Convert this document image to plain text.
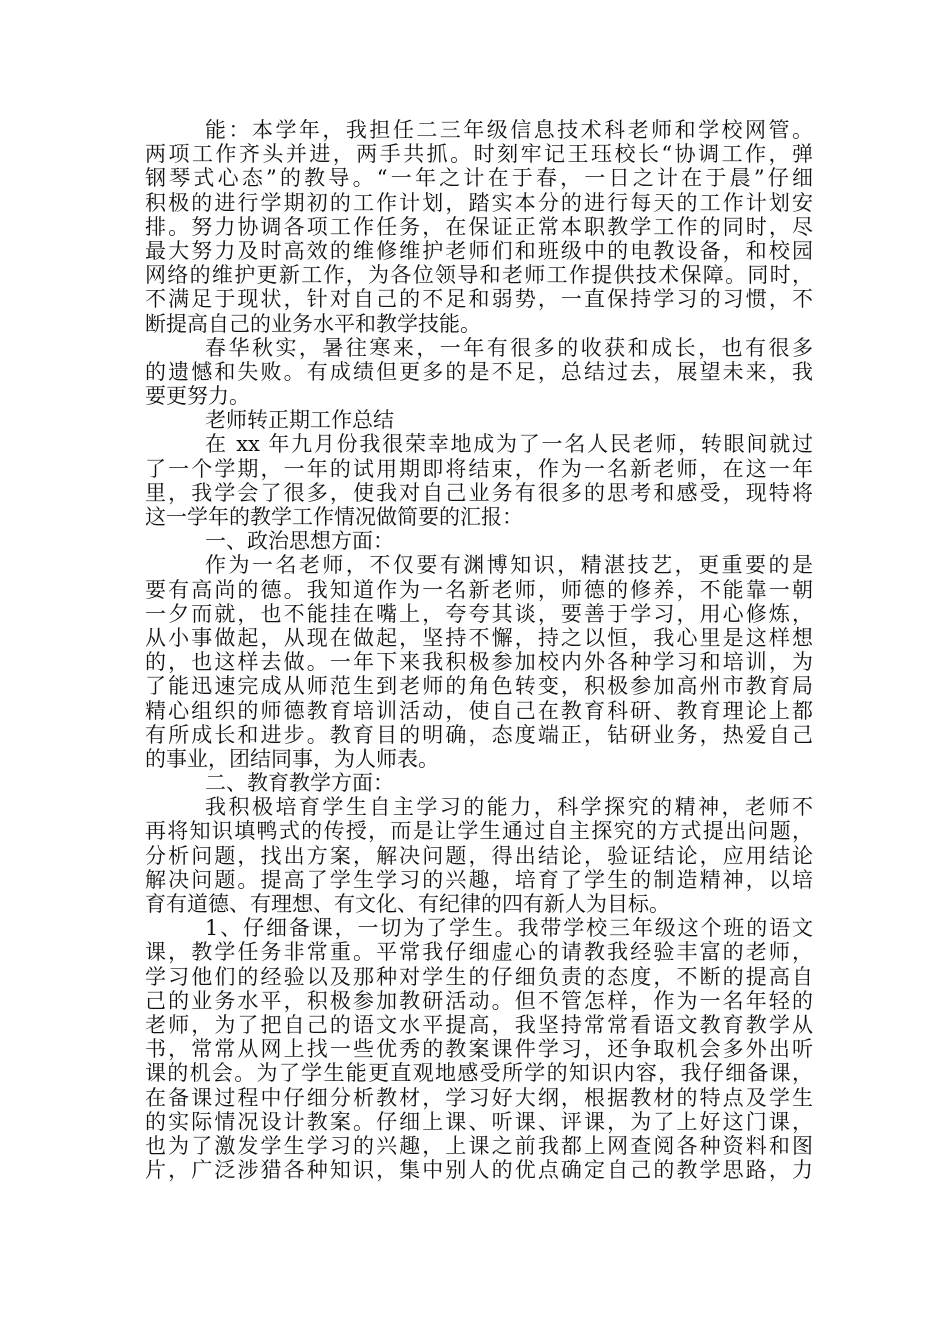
能：本学年，我担任二三年级信息技术科老师和学校网管。
两项工作齐头并进，两手共抓。时刻牢记王珏校长“协调工作，弹
钢琴式心态”的教导。“一年之计在于春，一日之计在于晨”仔细
积极的进行学期初的工作计划，踏实本分的进行每天的工作计划安
排。努力协调各项工作任务，在保证正常本职教学工作的同时，尽
最大努力及时高效的维修维护老师们和班级中的电教设备，和校园
网络的维护更新工作，为各位领导和老师工作提供技术保障。同时，
不满足于现状，针对自己的不足和弱势，一直保持学习的习惯，不
断提高自己的业务水平和教学技能。
春华秋实，暑往寒来，一年有很多的收获和成长，也有很多
的遗憾和失败。有成绩但更多的是不足，总结过去，展望未来，我
要更努力。
老师转正期工作总结
在 xx 年九月份我很荣幸地成为了一名人民老师，转眼间就过
了一个学期，一年的试用期即将结束，作为一名新老师，在这一年
里，我学会了很多，使我对自己业务有很多的思考和感受，现特将
这一学年的教学工作情况做简要的汇报：
一、政治思想方面：
作为一名老师，不仅要有渊博知识，精湛技艺，更重要的是
要有高尚的德。我知道作为一名新老师，师德的修养，不能靠一朝
一夕而就，也不能挂在嘴上，夸夸其谈，要善于学习，用心修炼，
从小事做起，从现在做起，坚持不懈，持之以恒，我心里是这样想
的，也这样去做。一年下来我积极参加校内外各种学习和培训，为
了能迅速完成从师范生到老师的角色转变，积极参加高州市教育局
精心组织的师德教育培训活动，使自己在教育科研、教育理论上都
有所成长和进步。教育目的明确，态度端正，钻研业务，热爱自己
的事业，团结同事，为人师表。
二、教育教学方面：
我积极培育学生自主学习的能力，科学探究的精神，老师不
再将知识填鸭式的传授，而是让学生通过自主探究的方式提出问题，
分析问题，找出方案，解决问题，得出结论，验证结论，应用结论
解决问题。提高了学生学习的兴趣，培育了学生的制造精神，以培
育有道德、有理想、有文化、有纪律的四有新人为目标。
1、仔细备课，一切为了学生。我带学校三年级这个班的语文
课，教学任务非常重。平常我仔细虚心的请教我经验丰富的老师，
学习他们的经验以及那种对学生的仔细负责的态度，不断的提高自
己的业务水平，积极参加教研活动。但不管怎样，作为一名年轻的
老师，为了把自己的语文水平提高，我坚持常常看语文教育教学从
书，常常从网上找一些优秀的教案课件学习，还争取机会多外出听
课的机会。为了学生能更直观地感受所学的知识内容，我仔细备课，
在备课过程中仔细分析教材，学习好大纲，根据教材的特点及学生
的实际情况设计教案。仔细上课、听课、评课，为了上好这门课，
也为了激发学生学习的兴趣，上课之前我都上网查阅各种资料和图
片，广泛涉猎各种知识，集中别人的优点确定自己的教学思路，力
